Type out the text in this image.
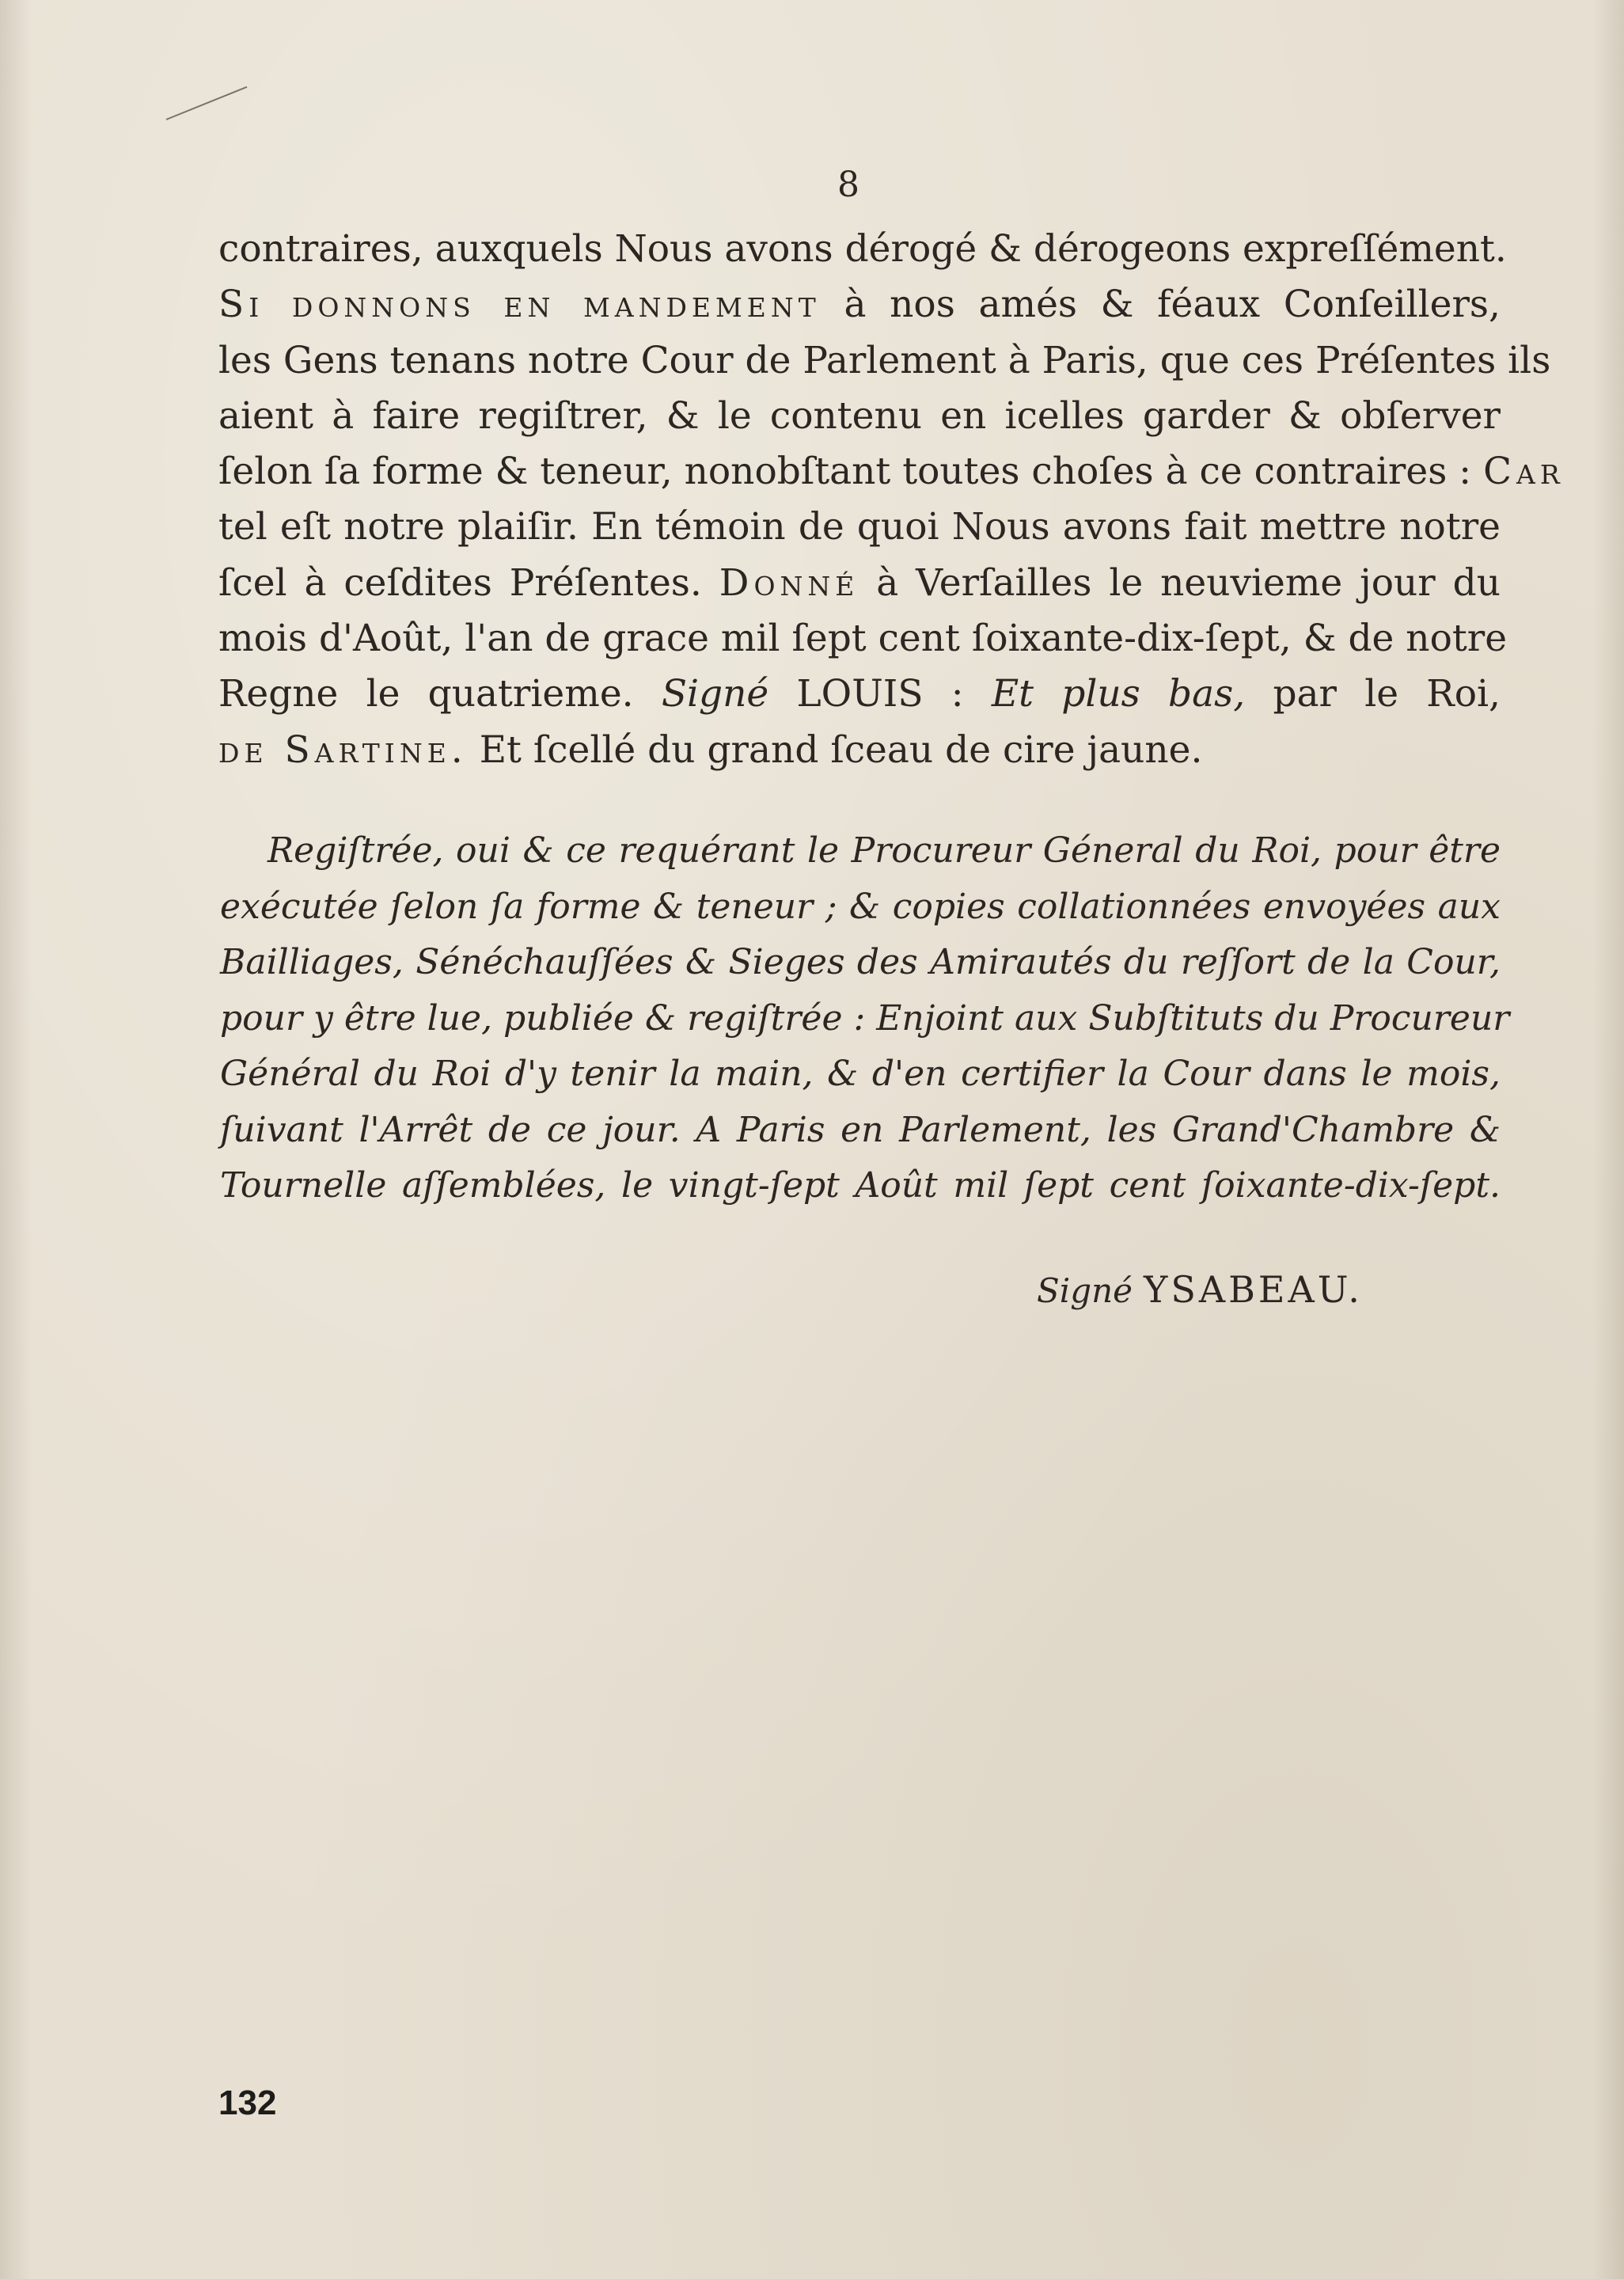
8
contraires, auxquels Nous avons dérogé & dérogeons expreſſément.
Si donnons en mandement à nos amés & féaux Conſeillers,
les Gens tenans notre Cour de Parlement à Paris, que ces Préſentes ils
aient à faire regiſtrer, & le contenu en icelles garder & obſerver
ſelon ſa forme & teneur, nonobſtant toutes choſes à ce contraires : Car
tel eſt notre plaiſir. En témoin de quoi Nous avons fait mettre notre
ſcel à ceſdites Préſentes. Donné à Verſailles le neuvieme jour du
mois d'Août, l'an de grace mil ſept cent ſoixante-dix-ſept, & de notre
Regne le quatrieme. Signé LOUIS : Et plus bas, par le Roi,
de Sartine. Et ſcellé du grand ſceau de cire jaune.
Regiſtrée, oui & ce requérant le Procureur Géneral du Roi, pour être
exécutée ſelon ſa forme & teneur ; & copies collationnées envoyées aux
Bailliages, Sénéchauſſées & Sieges des Amirautés du reſſort de la Cour,
pour y être lue, publiée & regiſtrée : Enjoint aux Subſtituts du Procureur
Général du Roi d'y tenir la main, & d'en certifier la Cour dans le mois,
ſuivant l'Arrêt de ce jour. A Paris en Parlement, les Grand'Chambre &
Tournelle aſſemblées, le vingt-ſept Août mil ſept cent ſoixante-dix-ſept.
Signé YSABEAU.
132
